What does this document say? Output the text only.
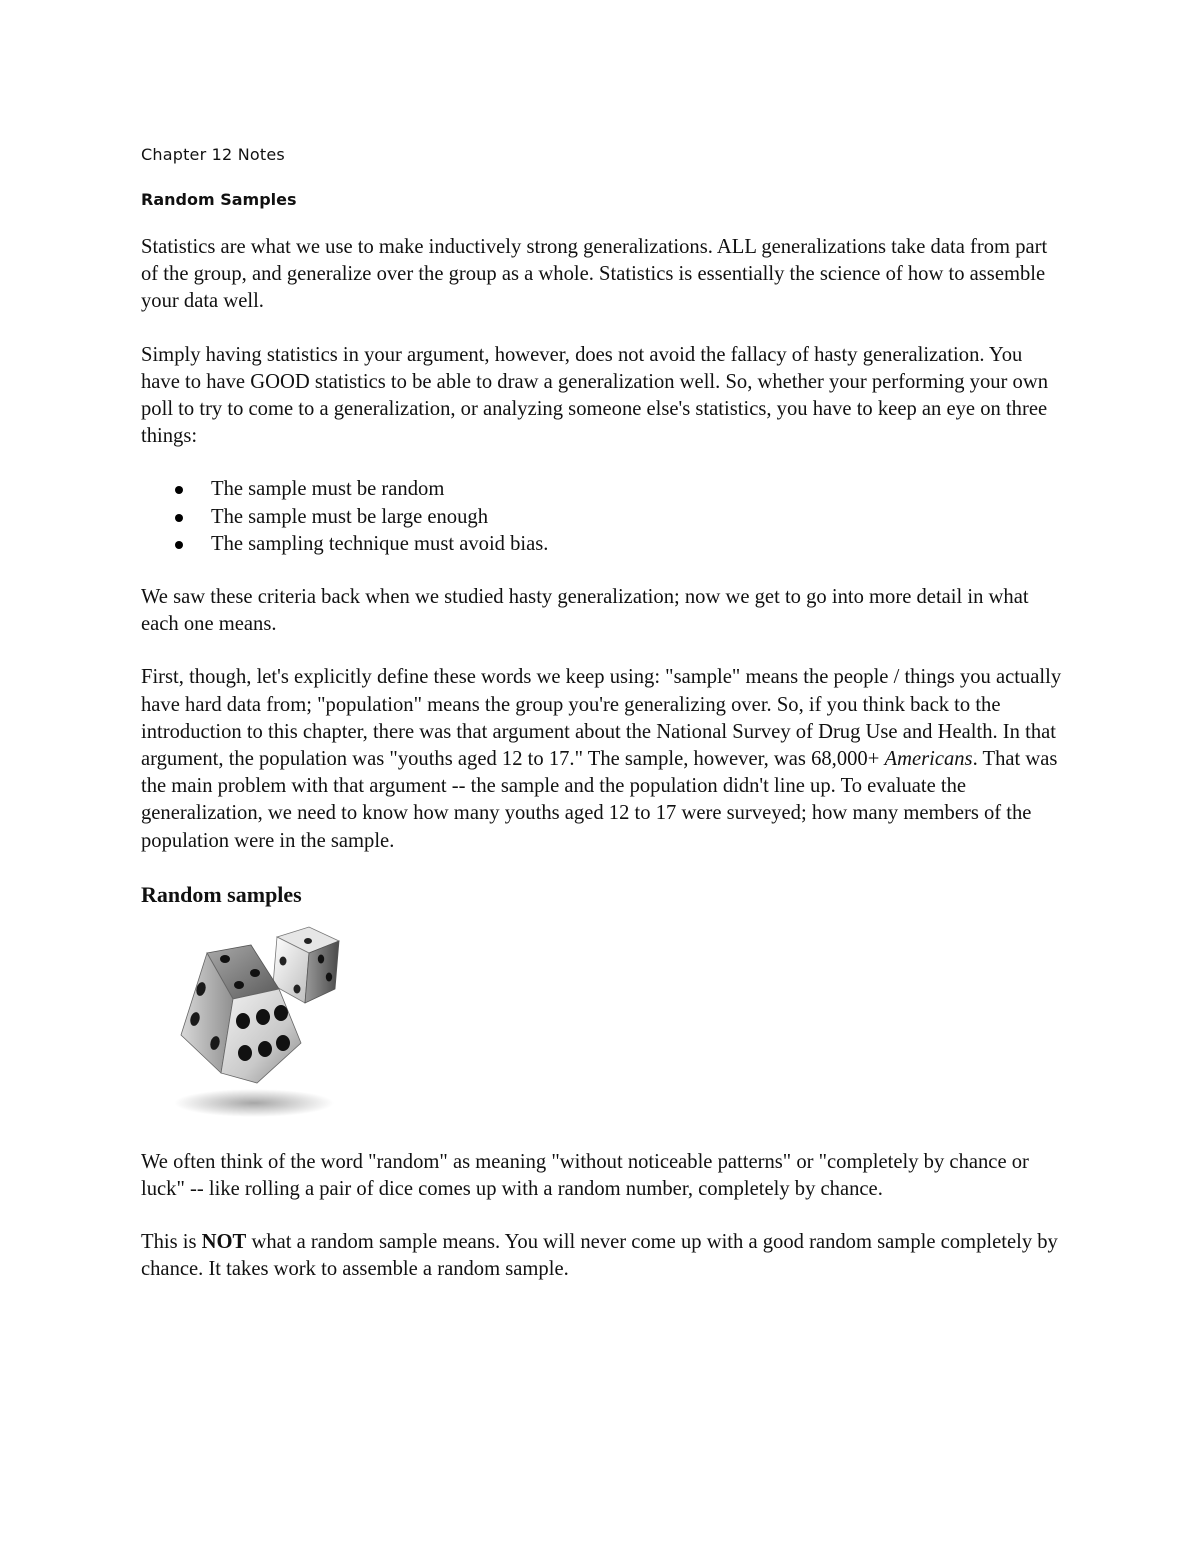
Chapter 12 Notes

Random Samples

Statistics are what we use to make inductively strong generalizations. ALL generalizations take data from part of the group, and generalize over the group as a whole. Statistics is essentially the science of how to assemble your data well.

Simply having statistics in your argument, however, does not avoid the fallacy of hasty generalization. You have to have GOOD statistics to be able to draw a generalization well. So, whether your performing your own poll to try to come to a generalization, or analyzing someone else's statistics, you have to keep an eye on three things:

The sample must be random
The sample must be large enough
The sampling technique must avoid bias.

We saw these criteria back when we studied hasty generalization; now we get to go into more detail in what each one means.

First, though, let's explicitly define these words we keep using: "sample" means the people / things you actually have hard data from; "population" means the group you're generalizing over. So, if you think back to the introduction to this chapter, there was that argument about the National Survey of Drug Use and Health. In that argument, the population was "youths aged 12 to 17." The sample, however, was 68,000+ Americans. That was the main problem with that argument -- the sample and the population didn't line up. To evaluate the generalization, we need to know how many youths aged 12 to 17 were surveyed; how many members of the population were in the sample.

Random samples

We often think of the word "random" as meaning "without noticeable patterns" or "completely by chance or luck" -- like rolling a pair of dice comes up with a random number, completely by chance.

This is NOT what a random sample means. You will never come up with a good random sample completely by chance. It takes work to assemble a random sample.
